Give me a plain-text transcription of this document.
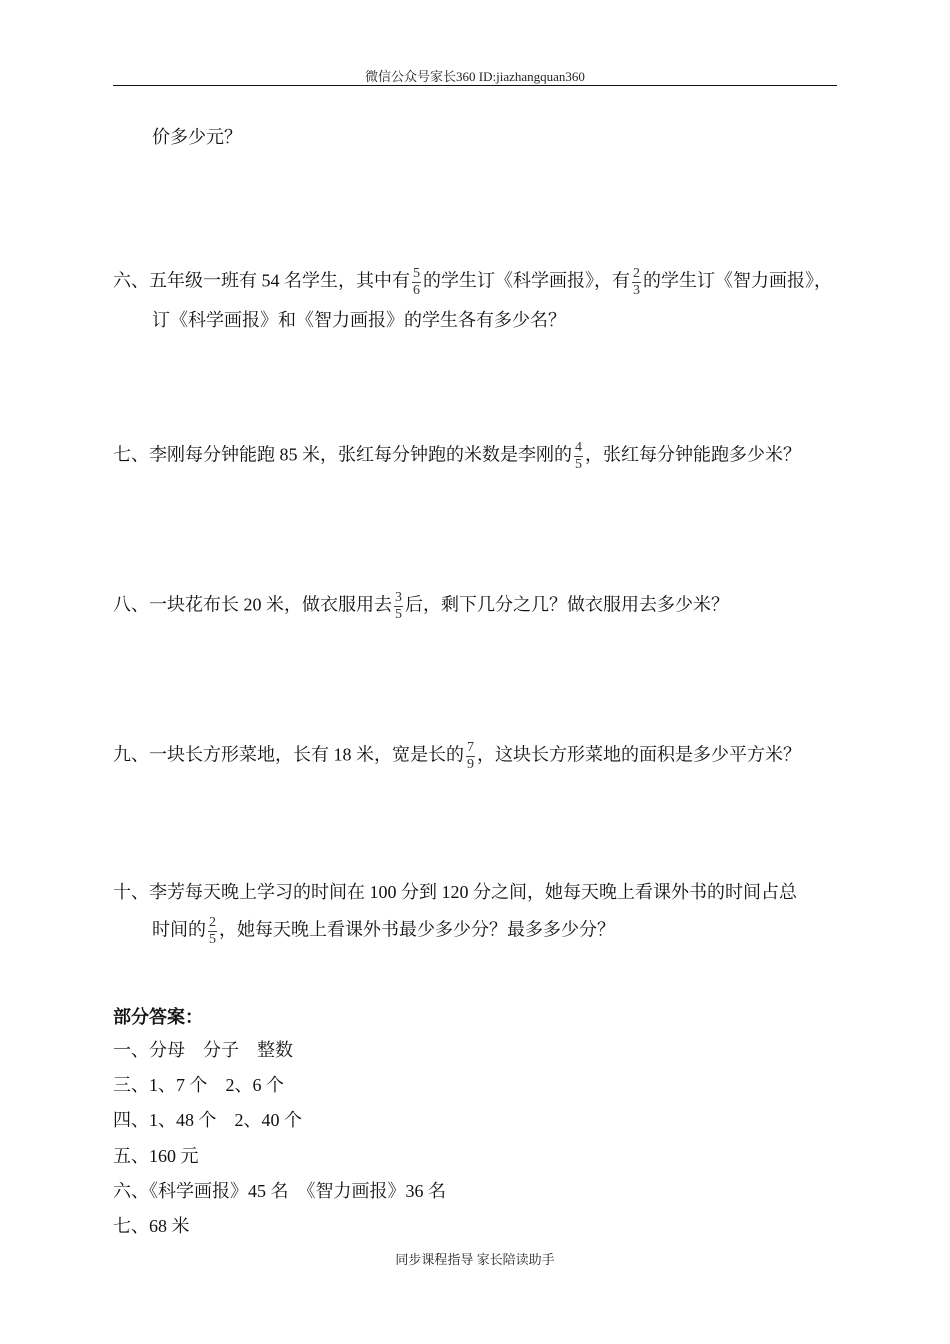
微信公众号家长360 ID:jiazhangquan360
价多少元？
六、五年级一班有 54 名学生，其中有 $\frac{5}{6}$ 的学生订《科学画报》，有 $\frac{2}{3}$ 的学生订《智力画报》，
订《科学画报》和《智力画报》的学生各有多少名？
七、李刚每分钟能跑 85 米，张红每分钟跑的米数是李刚的 $\frac{4}{5}$ ，张红每分钟能跑多少米？
八、一块花布长 20 米，做衣服用去 $\frac{3}{5}$ 后，剩下几分之几？做衣服用去多少米？
九、一块长方形菜地，长有 18 米，宽是长的 $\frac{7}{9}$ ，这块长方形菜地的面积是多少平方米？
十、李芳每天晚上学习的时间在 100 分到 120 分之间，她每天晚上看课外书的时间占总
时间的 $\frac{2}{5}$ ，她每天晚上看课外书最少多少分？最多多少分？
部分答案：
一、分母　分子　整数
三、1、7 个　2、6 个
四、1、48 个　2、40 个
五、160 元
六、《科学画报》45 名　《智力画报》36 名
七、68 米
同步课程指导 家长陪读助手
